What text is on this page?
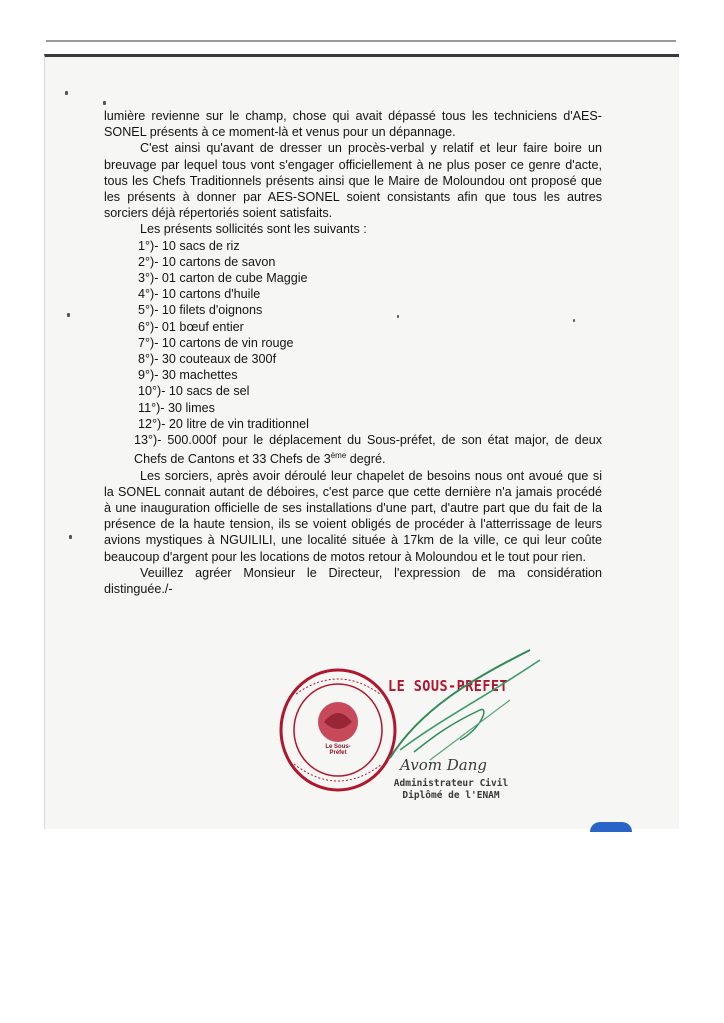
lumière revienne sur le champ, chose qui avait dépassé tous les techniciens d'AES-SONEL présents à ce moment-là et venus pour un dépannage.

C'est ainsi qu'avant de dresser un procès-verbal y relatif et leur faire boire un breuvage par lequel tous vont s'engager officiellement à ne plus poser ce genre d'acte, tous les Chefs Traditionnels présents ainsi que le Maire de Moloundou ont proposé que les présents à donner par AES-SONEL soient consistants afin que tous les autres sorciers déjà répertoriés soient satisfaits.

Les présents sollicités sont les suivants :

1°)- 10 sacs de riz
2°)- 10 cartons de savon
3°)- 01 carton de cube Maggie
4°)- 10 cartons d'huile
5°)- 10 filets d'oignons
6°)- 01 bœuf entier
7°)- 10 cartons de vin rouge
8°)- 30 couteaux de 300f
9°)- 30 machettes
10°)- 10 sacs de sel
11°)- 30 limes
12°)- 20 litre de vin traditionnel

13°)- 500.000f pour le déplacement du Sous-préfet, de son état major, de deux Chefs de Cantons et 33 Chefs de 3ème degré.

Les sorciers, après avoir déroulé leur chapelet de besoins nous ont avoué que si la SONEL connait autant de déboires, c'est parce que cette dernière n'a jamais procédé à une inauguration officielle de ses installations d'une part, d'autre part que du fait de la présence de la haute tension, ils se voient obligés de procéder à l'atterrissage de leurs avions mystiques à NGUILILI, une localité située à 17km de la ville, ce qui leur coûte beaucoup d'argent pour les locations de motos retour à Moloundou et le tout pour rien.

Veuillez agréer Monsieur le Directeur, l'expression de ma considération distinguée./-

Le Sous-Préfet
LE SOUS-PREFET
Avom Dang
Administrateur Civil
Diplômé de l'ENAM
